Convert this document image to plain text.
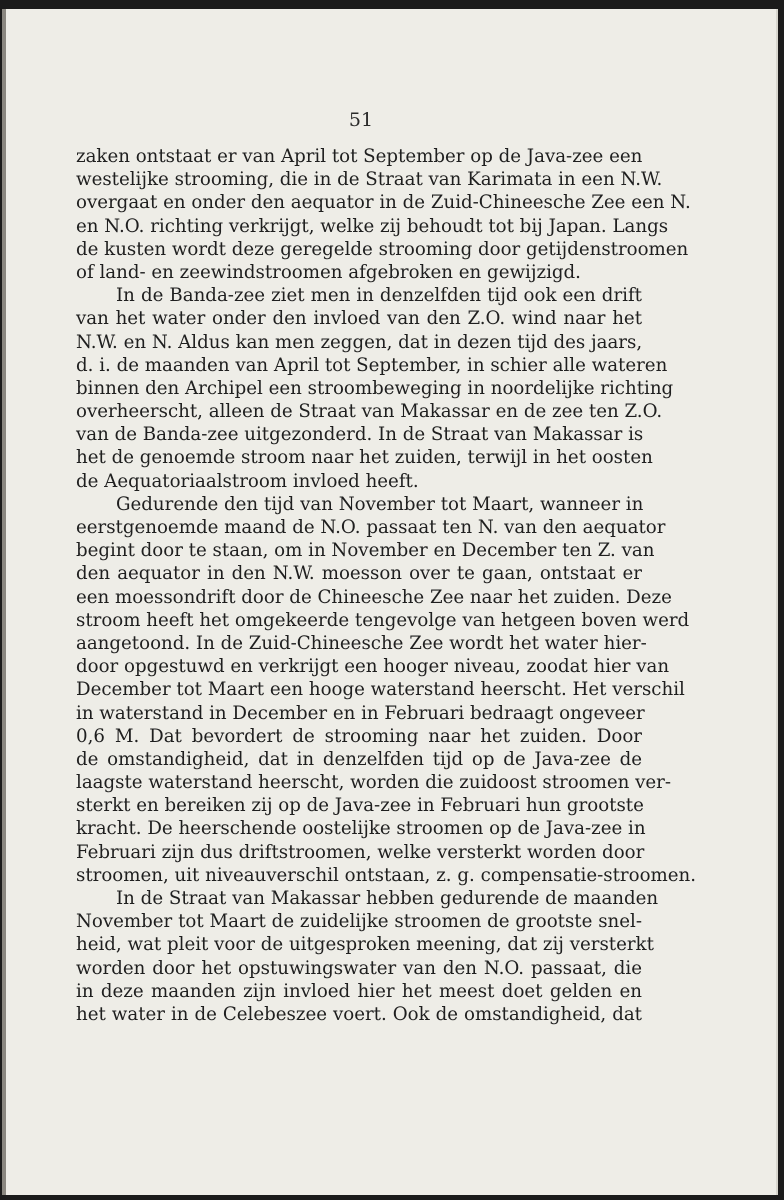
51
zaken ontstaat er van April tot September op de Java-zee een
westelijke strooming, die in de Straat van Karimata in een N.W.
overgaat en onder den aequator in de Zuid-Chineesche Zee een N.
en N.O. richting verkrijgt, welke zij behoudt tot bij Japan. Langs
de kusten wordt deze geregelde strooming door getijdenstroomen
of land- en zeewindstroomen afgebroken en gewijzigd.
In de Banda-zee ziet men in denzelfden tijd ook een drift
van het water onder den invloed van den Z.O. wind naar het
N.W. en N. Aldus kan men zeggen, dat in dezen tijd des jaars,
d. i. de maanden van April tot September, in schier alle wateren
binnen den Archipel een stroombeweging in noordelijke richting
overheerscht, alleen de Straat van Makassar en de zee ten Z.O.
van de Banda-zee uitgezonderd. In de Straat van Makassar is
het de genoemde stroom naar het zuiden, terwijl in het oosten
de Aequatoriaalstroom invloed heeft.
Gedurende den tijd van November tot Maart, wanneer in
eerstgenoemde maand de N.O. passaat ten N. van den aequator
begint door te staan, om in November en December ten Z. van
den aequator in den N.W. moesson over te gaan, ontstaat er
een moessondrift door de Chineesche Zee naar het zuiden. Deze
stroom heeft het omgekeerde tengevolge van hetgeen boven werd
aangetoond. In de Zuid-Chineesche Zee wordt het water hier-
door opgestuwd en verkrijgt een hooger niveau, zoodat hier van
December tot Maart een hooge waterstand heerscht. Het verschil
in waterstand in December en in Februari bedraagt ongeveer
0,6 M. Dat bevordert de strooming naar het zuiden. Door
de omstandigheid, dat in denzelfden tijd op de Java-zee de
laagste waterstand heerscht, worden die zuidoost stroomen ver-
sterkt en bereiken zij op de Java-zee in Februari hun grootste
kracht. De heerschende oostelijke stroomen op de Java-zee in
Februari zijn dus driftstroomen, welke versterkt worden door
stroomen, uit niveauverschil ontstaan, z. g. compensatie-stroomen.
In de Straat van Makassar hebben gedurende de maanden
November tot Maart de zuidelijke stroomen de grootste snel-
heid, wat pleit voor de uitgesproken meening, dat zij versterkt
worden door het opstuwingswater van den N.O. passaat, die
in deze maanden zijn invloed hier het meest doet gelden en
het water in de Celebeszee voert. Ook de omstandigheid, dat
